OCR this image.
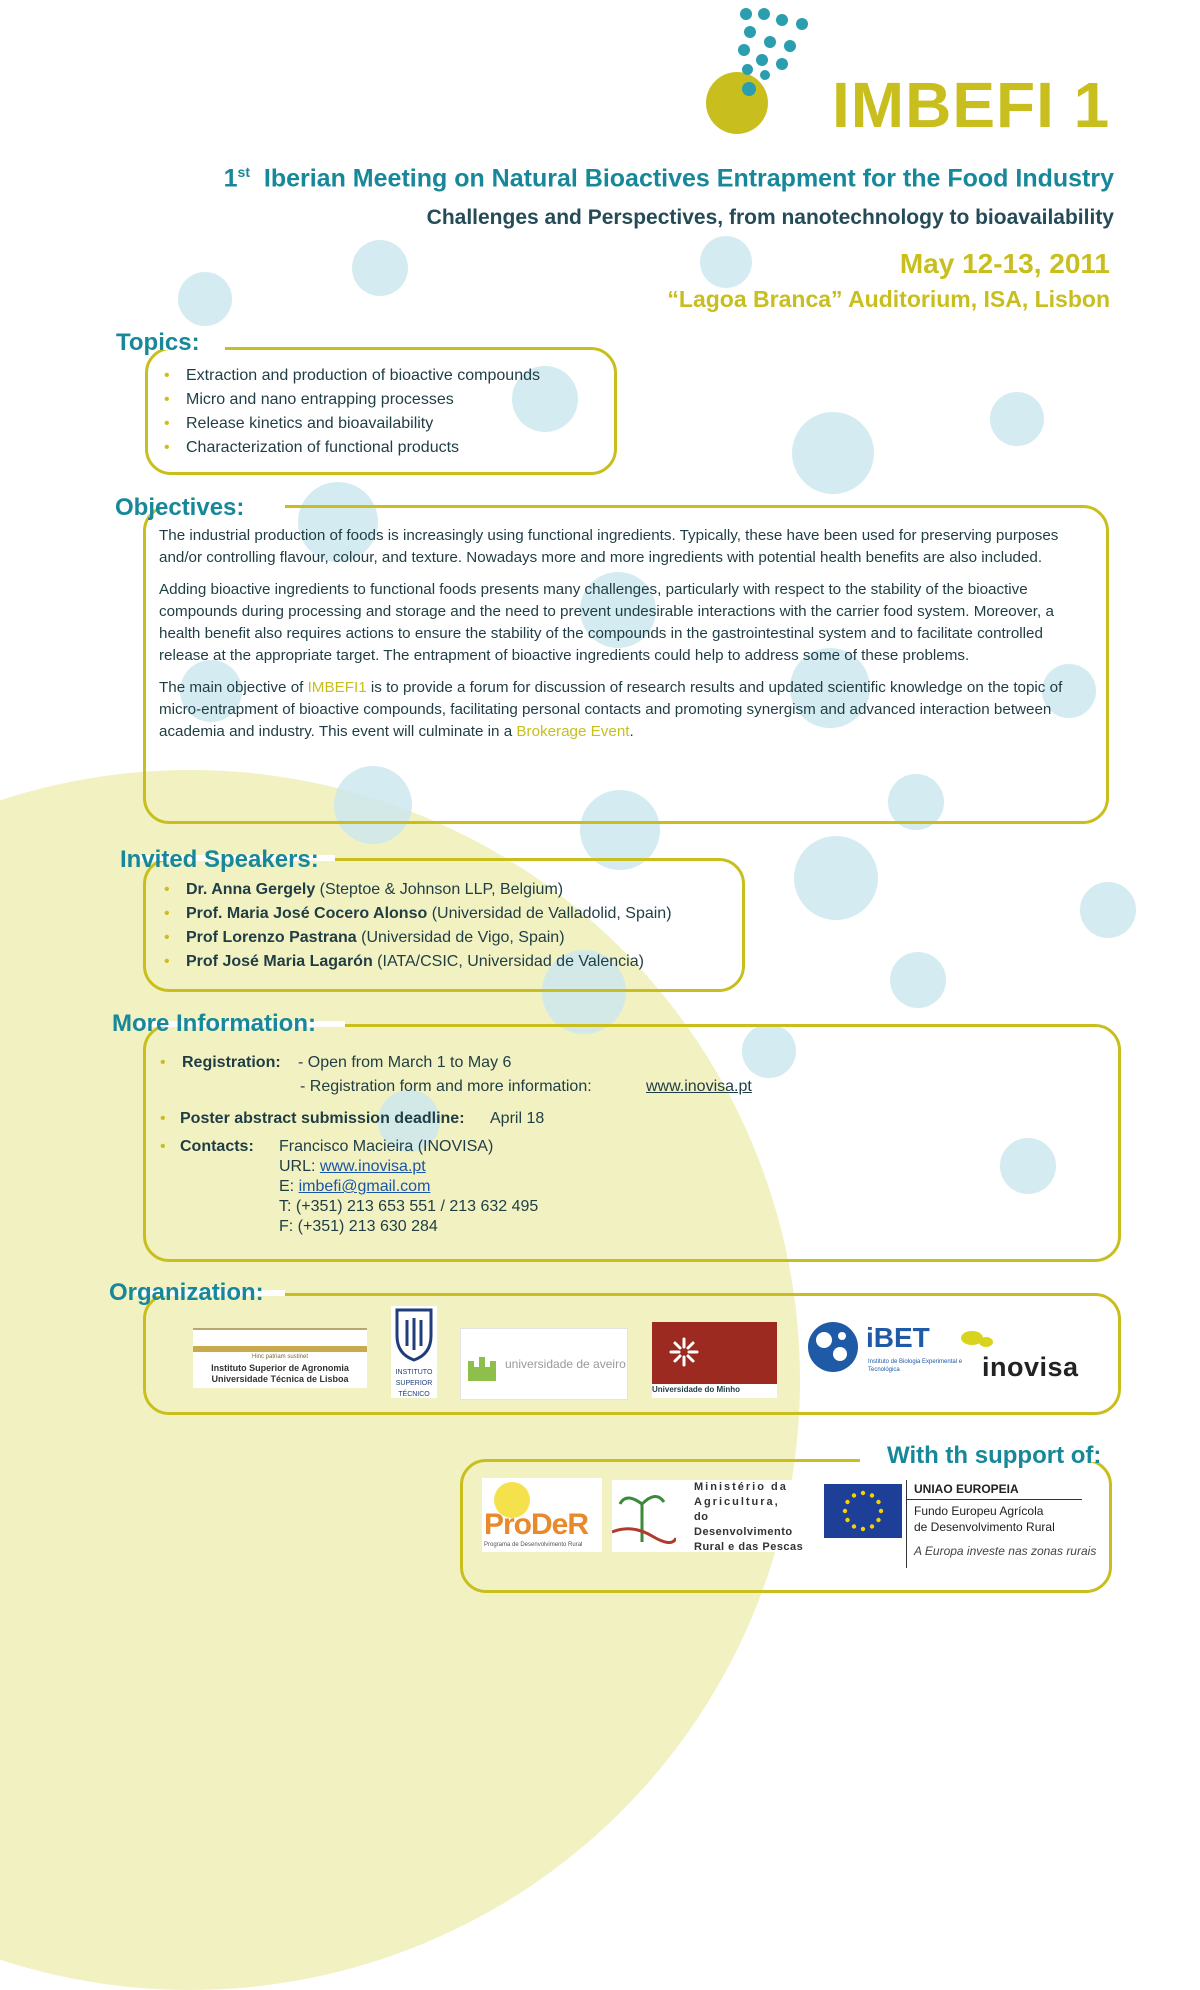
IMBEFI 1
1st Iberian Meeting on Natural Bioactives Entrapment for the Food Industry
Challenges and Perspectives, from nanotechnology to bioavailability
May 12-13, 2011
“Lagoa Branca” Auditorium, ISA, Lisbon
Topics:
• Extraction and production of bioactive compounds
• Micro and nano entrapping processes
• Release kinetics and bioavailability
• Characterization of functional products
Objectives:

The industrial production of foods is increasingly using functional ingredients. Typically, these have been used for preserving purposes and/or controlling flavour, colour, and texture. Nowadays more and more ingredients with potential health benefits are also included.

Adding bioactive ingredients to functional foods presents many challenges, particularly with respect to the stability of the bioactive compounds during processing and storage and the need to prevent undesirable interactions with the carrier food system. Moreover, a health benefit also requires actions to ensure the stability of the compounds in the gastrointestinal system and to facilitate controlled release at the appropriate target. The entrapment of bioactive ingredients could help to address some of these problems.

The main objective of IMBEFI1 is to provide a forum for discussion of research results and updated scientific knowledge on the topic of micro-entrapment of bioactive compounds, facilitating personal contacts and promoting synergism and advanced interaction between academia and industry. This event will culminate in a Brokerage Event.

Invited Speakers:
• Dr. Anna Gergely (Steptoe & Johnson LLP, Belgium)
• Prof. Maria José Cocero Alonso (Universidad de Valladolid, Spain)
• Prof Lorenzo Pastrana (Universidad de Vigo, Spain)
• Prof José Maria Lagarón (IATA/CSIC, Universidad de Valencia)
More Information:
• Registration: - Open from March 1 to May 6
- Registration form and more information:	www.inovisa.pt
• Poster abstract submission deadline: April 18
• Contacts: Francisco Macieira (INOVISA)
URL: www.inovisa.pt
E: imbefi@gmail.com
T: (+351) 213 653 551 / 213 632 495
F: (+351) 213 630 284
Organization:
Hinc patriam sustinet
Instituto Superior de Agronomia
Universidade Técnica de Lisboa
INSTITUTO SUPERIOR TÉCNICO
universidade de aveiro
Universidade do Minho
iBET
Instituto de Biologia Experimental e Tecnológica	inovisa
With th support of:
ProDeR
Programa de Desenvolvimento Rural
Ministério da
Agricultura,
do Desenvolvimento
Rural e das Pescas
UNIAO EUROPEIA
Fundo Europeu Agrícola
de Desenvolvimento Rural
A Europa investe nas zonas rurais
